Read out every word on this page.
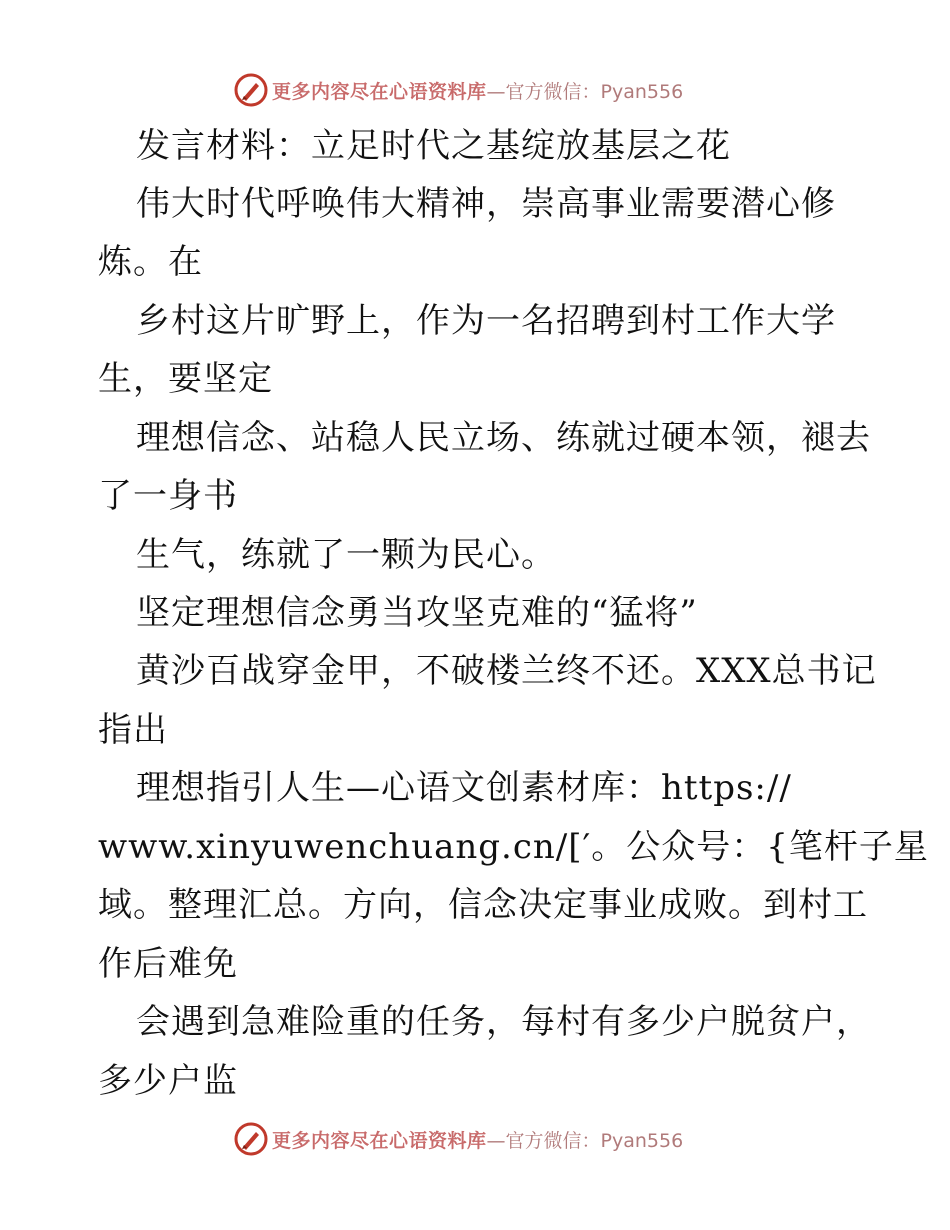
更多内容尽在心语资料库 —官方微信：Pyan556
发言材料：立足时代之基绽放基层之花
伟大时代呼唤伟大精神，崇高事业需要潜心修
炼。在
乡村这片旷野上，作为一名招聘到村工作大学
生，要坚定
理想信念、站稳人民立场、练就过硬本领，褪去
了一身书
生气，练就了一颗为民心。
坚定理想信念勇当攻坚克难的“猛将”
黄沙百战穿金甲，不破楼兰终不还。XXX总书记
指出
理想指引人生—心语文创素材库：https://
www.xinyuwenchuang.cn/[′。公众号：{笔杆子星
域。整理汇总。方向，信念决定事业成败。到村工
作后难免
会遇到急难险重的任务，每村有多少户脱贫户，
多少户监
更多内容尽在心语资料库 —官方微信：Pyan556
